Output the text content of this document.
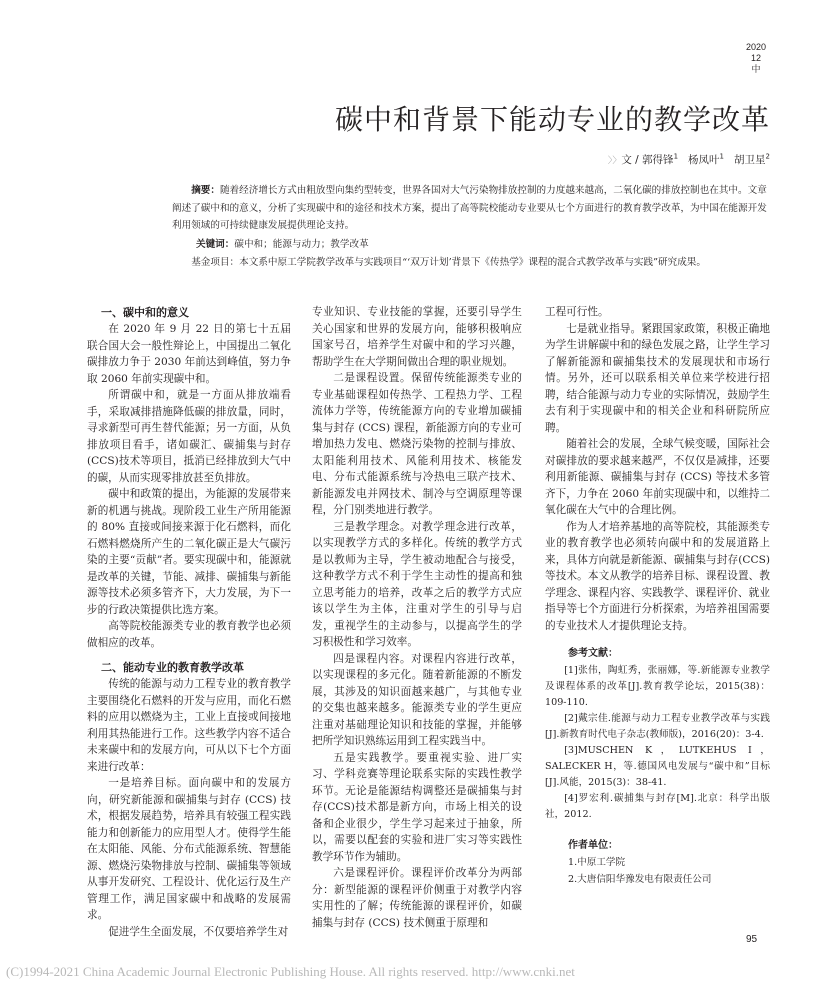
2020
12
中
碳中和背景下能动专业的教学改革
〉〉文 / 郭得锋$^1$ 杨凤叶$^1$ 胡卫星$^2$
摘要：随着经济增长方式由粗放型向集约型转变，世界各国对大气污染物排放控制的力度越来越高，二氧化碳的排放控制也在其中。文章阐述了碳中和的意义，分析了实现碳中和的途径和技术方案，提出了高等院校能动专业要从七个方面进行的教育教学改革，为中国在能源开发利用领域的可持续健康发展提供理论支持。
关键词：碳中和；能源与动力；教学改革
基金项目：本文系中原工学院教学改革与实践项目“‘双万计划’背景下《传热学》课程的混合式教学改革与实践”研究成果。
一、碳中和的意义

在 2020 年 9 月 22 日的第七十五届联合国大会一般性辩论上，中国提出二氧化碳排放力争于 2030 年前达到峰值，努力争取 2060 年前实现碳中和。

所谓碳中和，就是一方面从排放端看手，采取减排措施降低碳的排放量，同时，寻求新型可再生替代能源；另一方面，从负排放项目看手，诸如碳汇、碳捕集与封存(CCS)技术等项目，抵消已经排放到大气中的碳，从而实现零排放甚至负排放。

碳中和政策的提出，为能源的发展带来新的机遇与挑战。现阶段工业生产所用能源的 80% 直接或间接来源于化石燃料，而化石燃料燃烧所产生的二氧化碳正是大气碳污染的主要“贡献”者。要实现碳中和，能源就是改革的关键，节能、减排、碳捕集与新能源等技术必须多管齐下，大力发展，为下一步的行政决策提供比选方案。

高等院校能源类专业的教育教学也必须做相应的改革。

二、能动专业的教育教学改革

传统的能源与动力工程专业的教育教学主要围绕化石燃料的开发与应用，而化石燃料的应用以燃烧为主，工业上直接或间接地利用其热能进行工作。这些教学内容不适合未来碳中和的发展方向，可从以下七个方面来进行改革：

一是培养目标。面向碳中和的发展方向，研究新能源和碳捕集与封存 (CCS) 技术，根据发展趋势，培养具有较强工程实践能力和创新能力的应用型人才。使得学生能在太阳能、风能、分布式能源系统、智慧能源、燃烧污染物排放与控制、碳捕集等领域从事开发研究、工程设计、优化运行及生产管理工作，满足国家碳中和战略的发展需求。

促进学生全面发展，不仅要培养学生对

专业知识、专业技能的掌握，还要引导学生关心国家和世界的发展方向，能够积极响应国家号召，培养学生对碳中和的学习兴趣，帮助学生在大学期间做出合理的职业规划。

二是课程设置。保留传统能源类专业的专业基础课程如传热学、工程热力学、工程流体力学等，传统能源方向的专业增加碳捕集与封存 (CCS) 课程，新能源方向的专业可增加热力发电、燃烧污染物的控制与排放、太阳能利用技术、风能利用技术、核能发电、分布式能源系统与冷热电三联产技术、新能源发电并网技术、制冷与空调原理等课程，分门别类地进行教学。

三是教学理念。对教学理念进行改革，以实现教学方式的多样化。传统的教学方式是以教师为主导，学生被动地配合与接受，这种教学方式不利于学生主动性的提高和独立思考能力的培养，改革之后的教学方式应该以学生为主体，注重对学生的引导与启发，重视学生的主动参与，以提高学生的学习积极性和学习效率。

四是课程内容。对课程内容进行改革，以实现课程的多元化。随着新能源的不断发展，其涉及的知识面越来越广，与其他专业的交集也越来越多。能源类专业的学生更应注重对基础理论知识和技能的掌握，并能够把所学知识熟练运用到工程实践当中。

五是实践教学。要重视实验、进厂实习、学科竞赛等理论联系实际的实践性教学环节。无论是能源结构调整还是碳捕集与封存(CCS)技术都是新方向，市场上相关的设备和企业很少，学生学习起来过于抽象，所以，需要以配套的实验和进厂实习等实践性教学环节作为辅助。

六是课程评价。课程评价改革分为两部分：新型能源的课程评价侧重于对教学内容实用性的了解；传统能源的课程评价，如碳捕集与封存 (CCS) 技术侧重于原理和

工程可行性。

七是就业指导。紧跟国家政策，积极正确地为学生讲解碳中和的绿色发展之路，让学生学习了解新能源和碳捕集技术的发展现状和市场行情。另外，还可以联系相关单位来学校进行招聘，结合能源与动力专业的实际情况，鼓励学生去有利于实现碳中和的相关企业和科研院所应聘。

随着社会的发展，全球气候变暖，国际社会对碳排放的要求越来越严，不仅仅是减排，还要利用新能源、碳捕集与封存 (CCS) 等技术多管齐下，力争在 2060 年前实现碳中和，以维持二氧化碳在大气中的合理比例。

作为人才培养基地的高等院校，其能源类专业的教育教学也必须转向碳中和的发展道路上来，具体方向就是新能源、碳捕集与封存(CCS)等技术。本文从教学的培养目标、课程设置、教学理念、课程内容、实践教学、课程评价、就业指导等七个方面进行分析探索，为培养祖国需要的专业技术人才提供理论支持。

参考文献：

[1]张伟，陶虹秀，张丽娜，等.新能源专业教学及课程体系的改革[J].教育教学论坛，2015(38)：109-110.

[2]戴宗佳.能源与动力工程专业教学改革与实践[J].新教育时代电子杂志(教师版)，2016(20)：3-4.

[3]MUSCHEN K，LUTKEHUS I，SALECKER H，等.德国风电发展与“碳中和”目标[J].风能，2015(3)：38-41.

[4]罗宏利.碳捕集与封存[M].北京：科学出版社，2012.

作者单位：
1.中原工学院
2.大唐信阳华豫发电有限责任公司
95
(C)1994-2021 China Academic Journal Electronic Publishing House. All rights reserved. http://www.cnki.net
